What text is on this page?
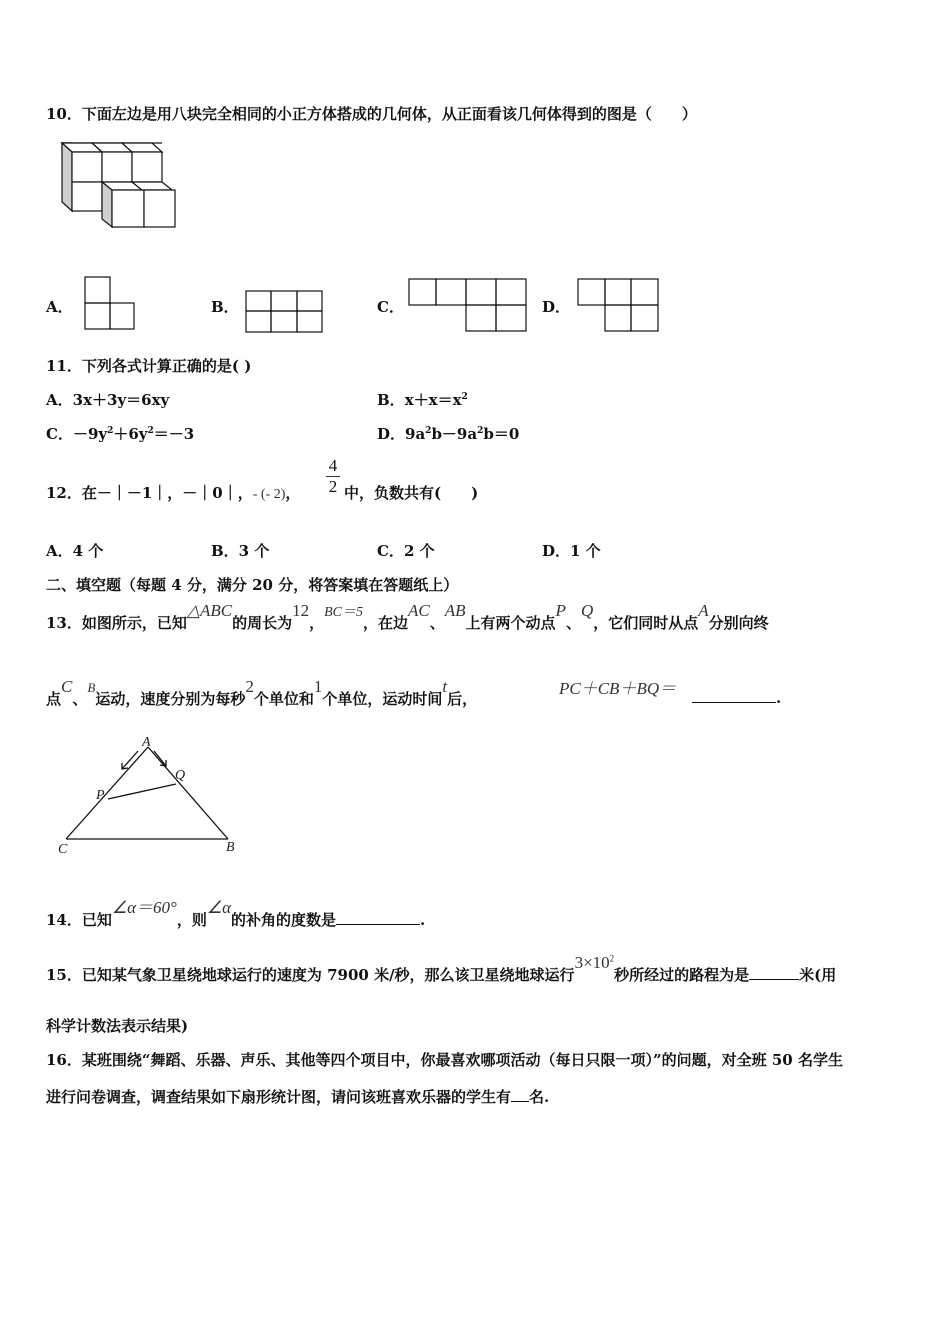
10．下面左边是用八块完全相同的小正方体搭成的几何体，从正面看该几何体得到的图是（　　）
A．	B．	C．	D．
11．下列各式计算正确的是( )
A．3x＋3y＝6xy	B．$x+x=x^2$
C．$-9y^2+6y^2=-3$	D．$9a^2b-9a^2b=0$
12．在－｜－1｜，－｜0｜，- (- 2)，
4
2 中，负数共有(　　)
A．4 个	B．3 个	C．2 个	D．1 个
二、填空题（每题 4 分，满分 20 分，将答案填在答题纸上）
13．如图所示，已知△ABC的周长为12，BC＝5，在边AC、AB上有两个动点P、Q，它们同时从点A分别向终
点C、B运动，速度分别为每秒2个单位和1个单位，运动时间t后，
PC＋CB＋BQ＝	.
A
Q
P
C	B
14．已知∠α＝60°，则∠α的补角的度数是	.
15．已知某气象卫星绕地球运行的速度为 7900 米/秒，那么该卫星绕地球运行$3\times 10^2$秒所经过的路程为是	米(用
科学计数法表示结果)
16．某班围绕“舞蹈、乐器、声乐、其他等四个项目中，你最喜欢哪项活动（每日只限一项）”的问题，对全班 50 名学生
进行问卷调查，调查结果如下扇形统计图，请问该班喜欢乐器的学生有 名.
